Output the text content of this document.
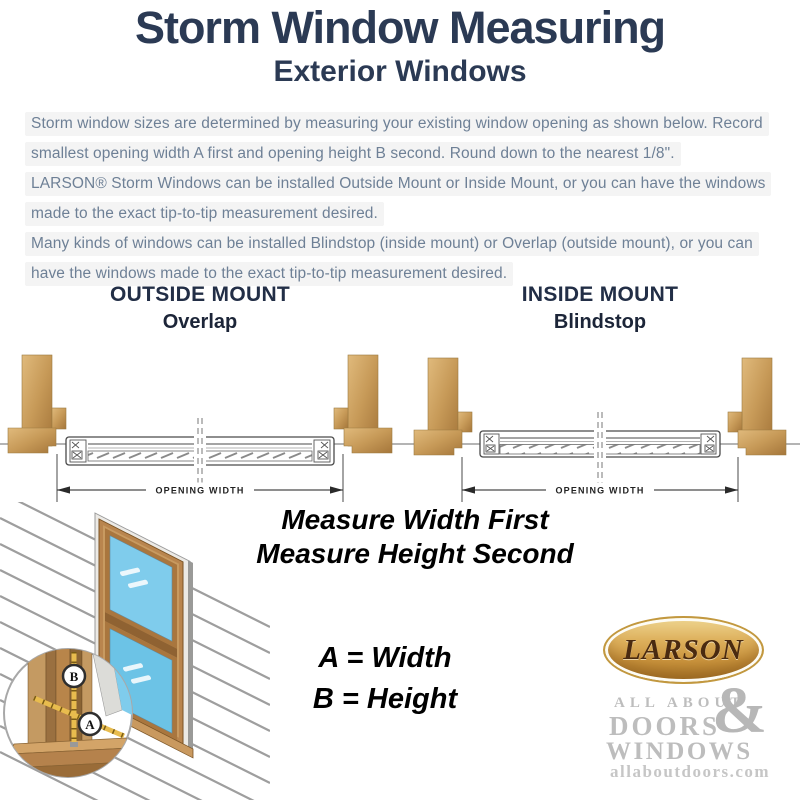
Storm Window Measuring
Exterior Windows
Storm window sizes are determined by measuring your existing window opening as shown below. Record
smallest opening width A first and opening height B second. Round down to the nearest 1/8".
LARSON® Storm Windows can be installed Outside Mount or Inside Mount, or you can have the windows
made to the exact tip-to-tip measurement desired.
Many kinds of windows can be installed Blindstop (inside mount) or Overlap (outside mount), or you can
have the windows made to the exact tip-to-tip measurement desired.
OUTSIDE MOUNT
Overlap
INSIDE MOUNT
Blindstop
OPENING WIDTH	OPENING WIDTH
Measure Width First
Measure Height Second
B
A
A = Width
B = Height
LARSON
ALL ABOUT
&
DOORS
WINDOWS
allaboutdoors.com
